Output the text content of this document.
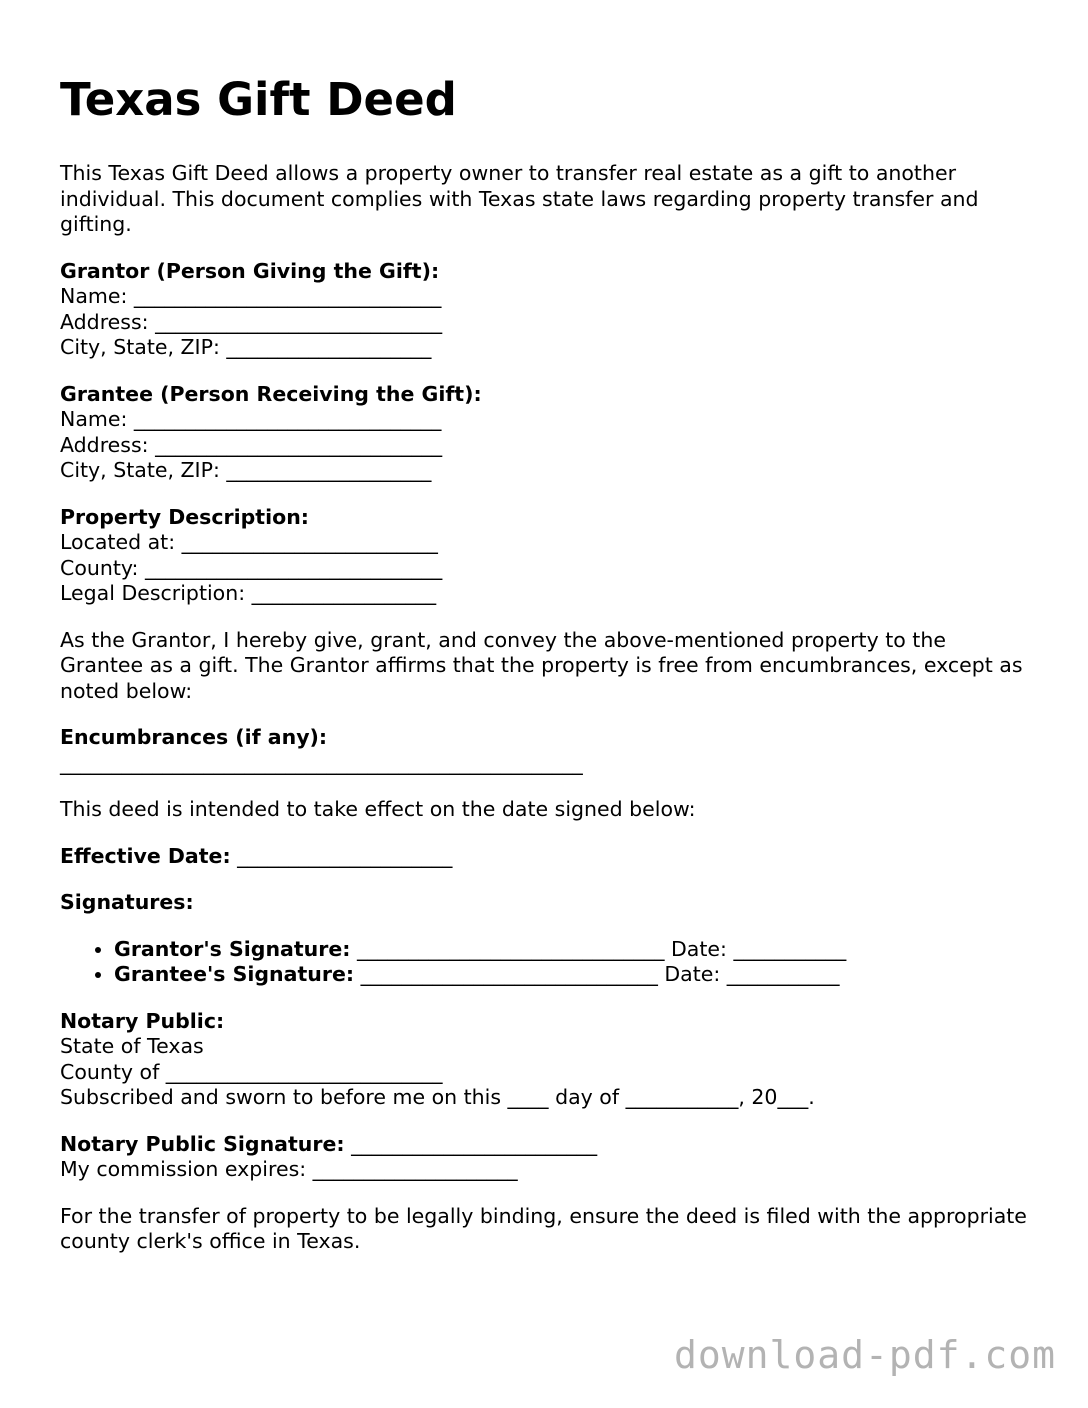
Texas Gift Deed

This Texas Gift Deed allows a property owner to transfer real estate as a gift to another individual. This document complies with Texas state laws regarding property transfer and gifting.

Grantor (Person Giving the Gift):
Name: ______________________________
Address: ____________________________
City, State, ZIP: ____________________
Grantee (Person Receiving the Gift):
Name: ______________________________
Address: ____________________________
City, State, ZIP: ____________________
Property Description:
Located at: _________________________
County: _____________________________
Legal Description: __________________

As the Grantor, I hereby give, grant, and convey the above-mentioned property to the Grantee as a gift. The Grantor affirms that the property is free from encumbrances, except as noted below:

Encumbrances (if any):
___________________________________________________

This deed is intended to take effect on the date signed below:

Effective Date: _____________________

Signatures:

• Grantor's Signature: ______________________________ Date: ___________
• Grantee's Signature: _____________________________ Date: ___________
Notary Public:
State of Texas
County of ___________________________
Subscribed and sworn to before me on this ____ day of ___________, 20___.
Notary Public Signature: ________________________
My commission expires: ____________________

For the transfer of property to be legally binding, ensure the deed is filed with the appropriate county clerk's office in Texas.

download-pdf.com
